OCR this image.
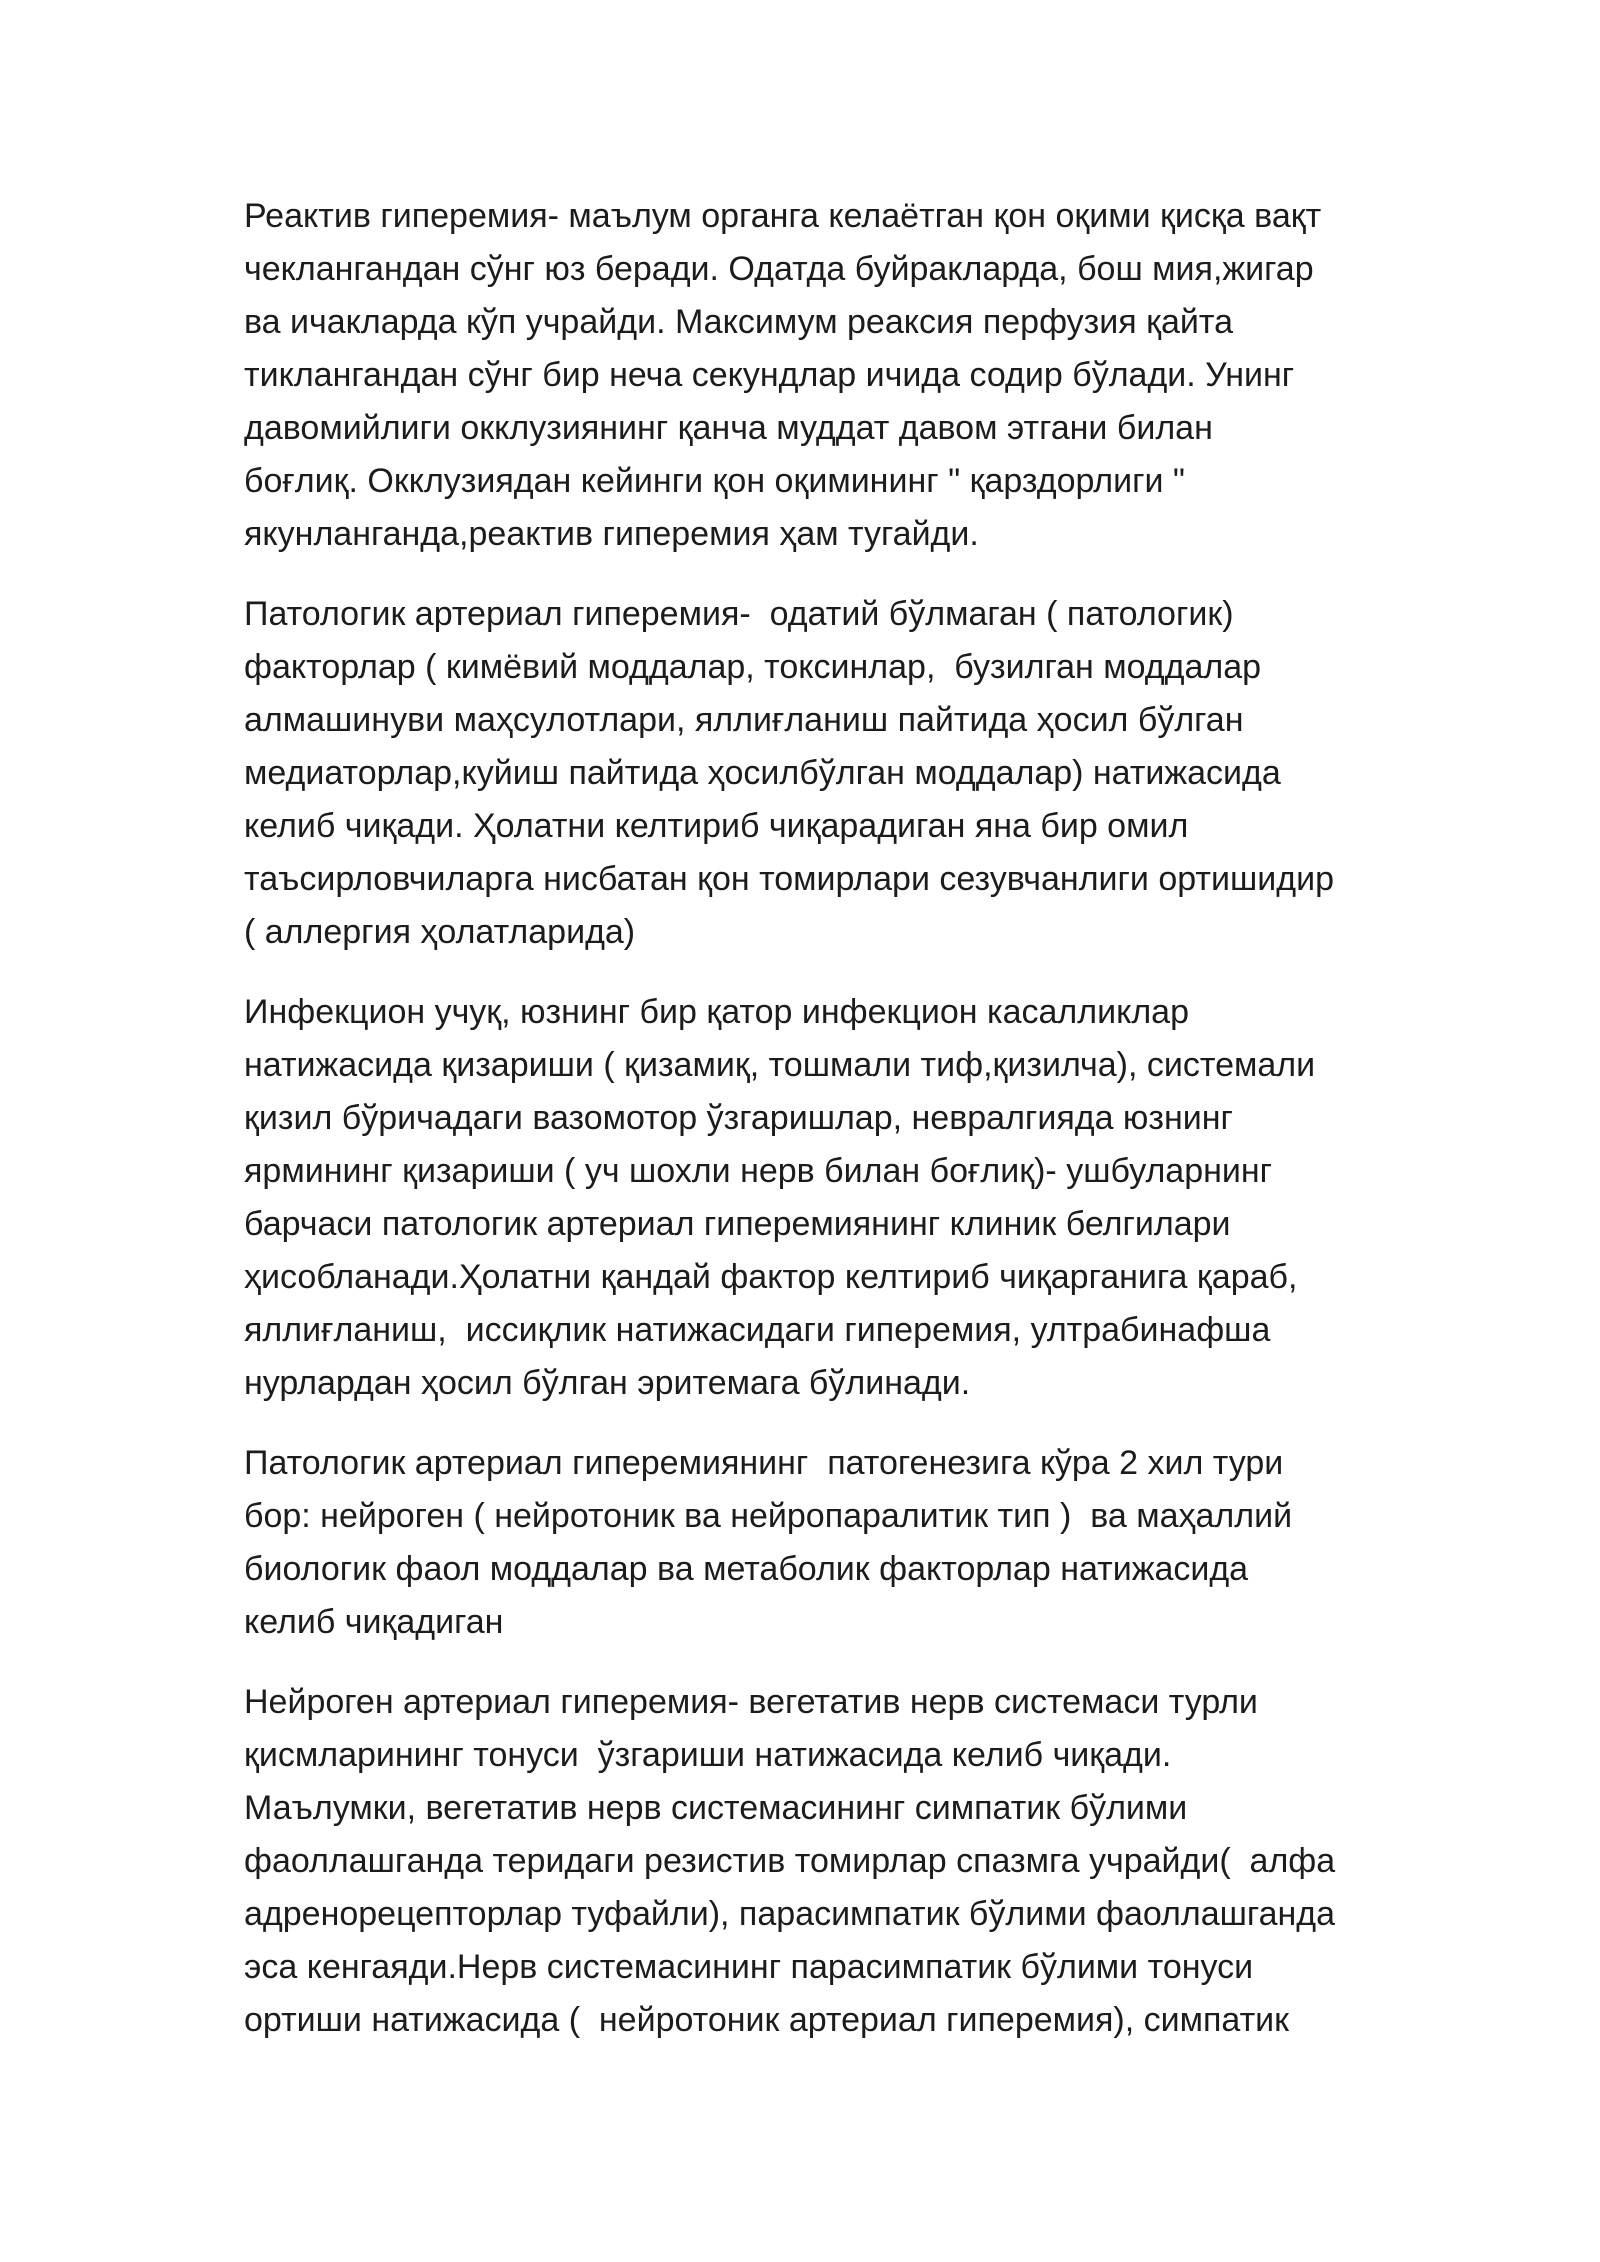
Реактив гиперемия- маълум органга келаётган қон оқими қисқа вақт
чеклангандан сўнг юз беради. Одатда буйракларда, бош мия,жигар
ва ичакларда кўп учрайди. Максимум реаксия перфузия қайта
тиклангандан сўнг бир неча секундлар ичида содир бўлади. Унинг
давомийлиги окклузиянинг қанча муддат давом этгани билан
боғлиқ. Окклузиядан кейинги қон оқимининг " қарздорлиги "
якунланганда,реактив гиперемия ҳам тугайди.

Патологик артериал гиперемия-  одатий бўлмаган ( патологик)
факторлар ( кимёвий моддалар, токсинлар,  бузилган моддалар
алмашинуви маҳсулотлари, яллиғланиш пайтида ҳосил бўлган
медиаторлар,куйиш пайтида ҳосилбўлган моддалар) натижасида
келиб чиқади. Ҳолатни келтириб чиқарадиган яна бир омил
таъсирловчиларга нисбатан қон томирлари сезувчанлиги ортишидир
( аллергия ҳолатларида)

Инфекцион учуқ, юзнинг бир қатор инфекцион касалликлар
натижасида қизариши ( қизамиқ, тошмали тиф,қизилча), системали
қизил бўричадаги вазомотор ўзгаришлар, невралгияда юзнинг
ярмининг қизариши ( уч шохли нерв билан боғлиқ)- ушбуларнинг
барчаси патологик артериал гиперемиянинг клиник белгилари
ҳисобланади.Ҳолатни қандай фактор келтириб чиқарганига қараб,
яллиғланиш,  иссиқлик натижасидаги гиперемия, ултрабинафша
нурлардан ҳосил бўлган эритемага бўлинади.

Патологик артериал гиперемиянинг  патогенезига кўра 2 хил тури
бор: нейроген ( нейротоник ва нейропаралитик тип )  ва маҳаллий
биологик фаол моддалар ва метаболик факторлар натижасида
келиб чиқадиган

Нейроген артериал гиперемия- вегетатив нерв системаси турли
қисмларининг тонуси  ўзгариши натижасида келиб чиқади.
Маълумки, вегетатив нерв системасининг симпатик бўлими
фаоллашганда теридаги резистив томирлар спазмга учрайди(  алфа
адренорецепторлар туфайли), парасимпатик бўлими фаоллашганда
эса кенгаяди.Нерв системасининг парасимпатик бўлими тонуси
ортиши натижасида (  нейротоник артериал гиперемия), симпатик
